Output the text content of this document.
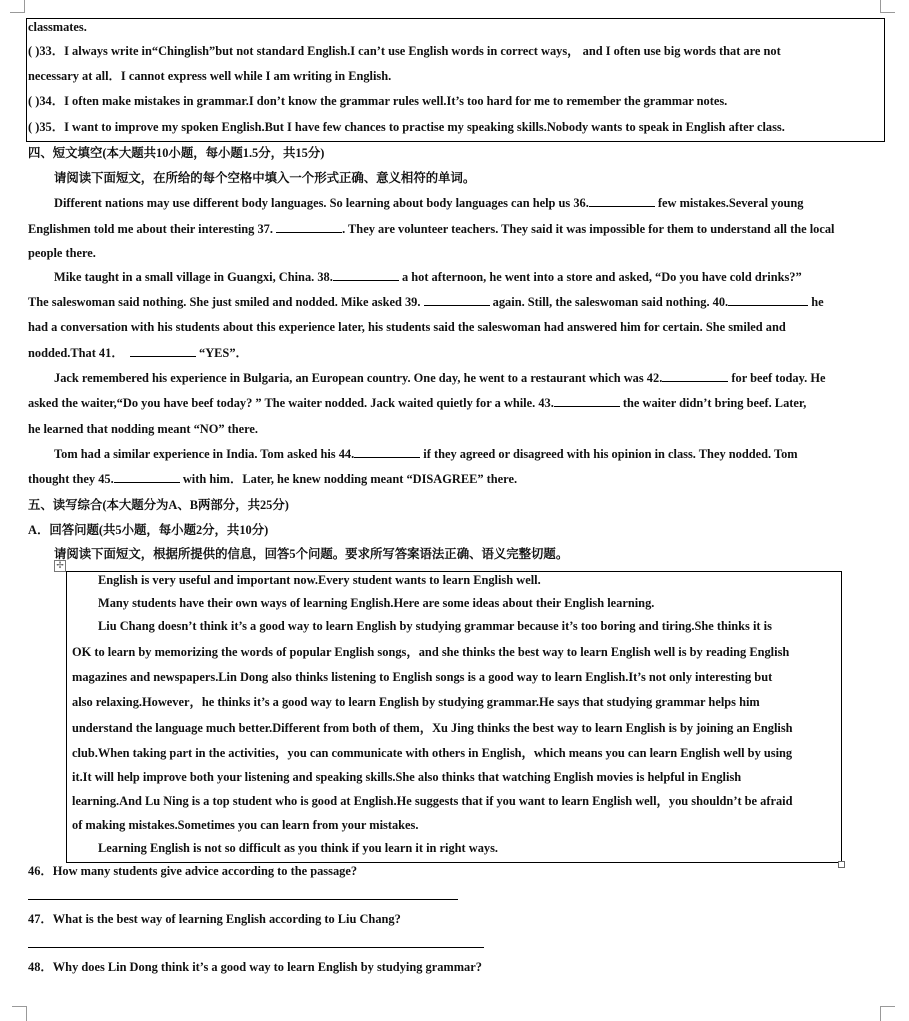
classmates.
( )33．I always write in“Chinglish”but not standard English.I can’t use English words in correct ways， and I often use big words that are not
necessary at all．I cannot express well while I am writing in English.
( )34．I often make mistakes in grammar.I don’t know the grammar rules well.It’s too hard for me to remember the grammar notes.
( )35．I want to improve my spoken English.But I have few chances to practise my speaking skills.Nobody wants to speak in English after class.
四、短文填空(本大题共10小题，每小题1.5分，共15分)
请阅读下面短文，在所给的每个空格中填入一个形式正确、意义相符的单词。
Different nations may use different body languages. So learning about body languages can help us 36.	few mistakes.Several young
Englishmen told me about their interesting 37.	. They are volunteer teachers. They said it was impossible for them to understand all the local
people there.
Mike taught in a small village in Guangxi, China. 38.	a hot afternoon, he went into a store and asked, “Do you have cold drinks?”
The saleswoman said nothing. She just smiled and nodded. Mike asked 39.	again. Still, the saleswoman said nothing. 40.	he
had a conversation with his students about this experience later, his students said the saleswoman had answered him for certain. She smiled and
nodded.That 41．	“YES”．
Jack remembered his experience in Bulgaria, an European country. One day, he went to a restaurant which was 42.	for beef today. He
asked the waiter,“Do you have beef today? ” The waiter nodded. Jack waited quietly for a while. 43.	the waiter didn’t bring beef. Later,
he learned that nodding meant “NO” there.
Tom had a similar experience in India. Tom asked his 44.	if they agreed or disagreed with his opinion in class. They nodded. Tom
thought they 45.	with him．Later, he knew nodding meant “DISAGREE” there.
五、读写综合(本大题分为A、B两部分，共25分)
A．回答问题(共5小题，每小题2分，共10分)
请阅读下面短文，根据所提供的信息，回答5个问题。要求所写答案语法正确、语义完整切题。
✢
English is very useful and important now.Every student wants to learn English well.
Many students have their own ways of learning English.Here are some ideas about their English learning.
Liu Chang doesn’t think it’s a good way to learn English by studying grammar because it’s too boring and tiring.She thinks it is
OK to learn by memorizing the words of popular English songs，and she thinks the best way to learn English well is by reading English
magazines and newspapers.Lin Dong also thinks listening to English songs is a good way to learn English.It’s not only interesting but
also relaxing.However，he thinks it’s a good way to learn English by studying grammar.He says that studying grammar helps him
understand the language much better.Different from both of them，Xu Jing thinks the best way to learn English is by joining an English
club.When taking part in the activities，you can communicate with others in English，which means you can learn English well by using
it.It will help improve both your listening and speaking skills.She also thinks that watching English movies is helpful in English
learning.And Lu Ning is a top student who is good at English.He suggests that if you want to learn English well，you shouldn’t be afraid
of making mistakes.Sometimes you can learn from your mistakes.
Learning English is not so difficult as you think if you learn it in right ways.
46．How many students give advice according to the passage?
47．What is the best way of learning English according to Liu Chang?
48．Why does Lin Dong think it’s a good way to learn English by studying grammar?
